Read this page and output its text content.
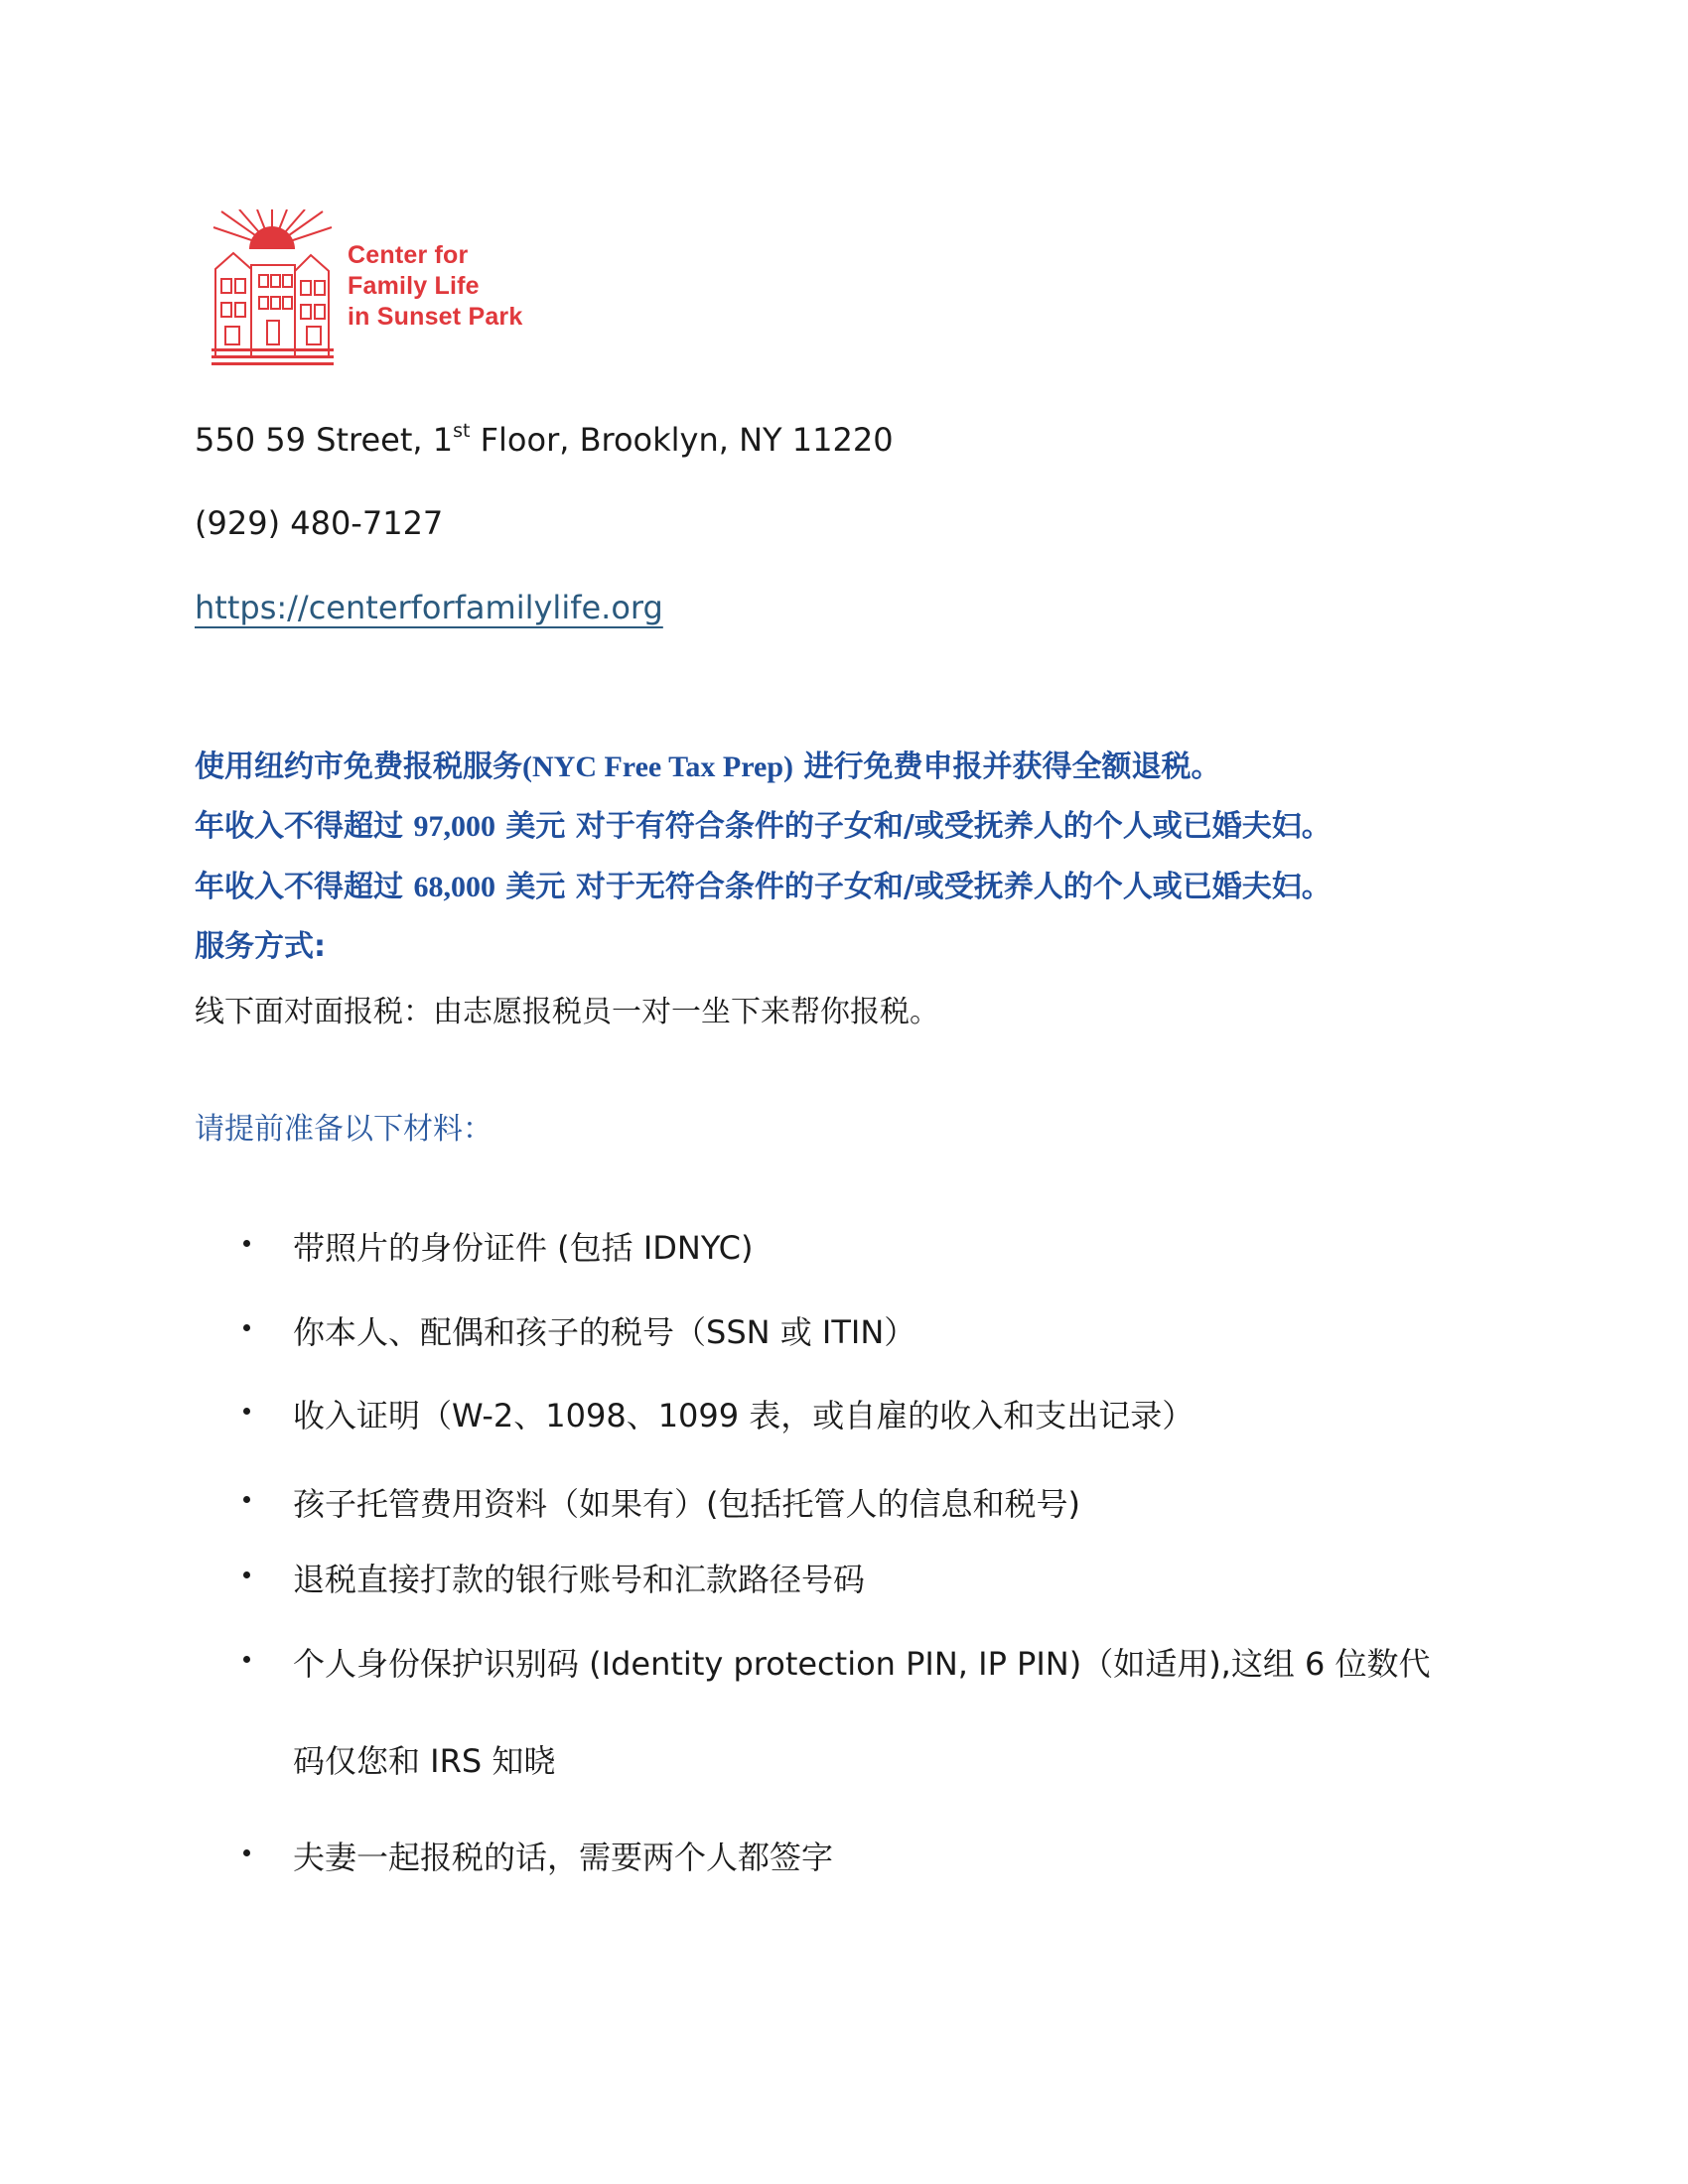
Center for
Family Life
in Sunset Park
550 59 Street, 1st Floor, Brooklyn, NY 11220
(929) 480-7127
https://centerforfamilylife.org
使用纽约市免费报税服务(NYC Free Tax Prep) 进行免费申报并获得全额退税。
年收入不得超过 97,000 美元 对于有符合条件的子女和/或受抚养人的个人或已婚夫妇。
年收入不得超过 68,000 美元 对于无符合条件的子女和/或受抚养人的个人或已婚夫妇。
服务方式:
线下面对面报税：由志愿报税员一对一坐下来帮你报税。
请提前准备以下材料：
带照片的身份证件 (包括 IDNYC)
你本人、配偶和孩子的税号（SSN 或 ITIN）
收入证明（W-2、1098、1099 表，或自雇的收入和支出记录）
孩子托管费用资料（如果有）(包括托管人的信息和税号)
退税直接打款的银行账号和汇款路径号码
个人身份保护识别码 (Identity protection PIN, IP PIN)（如适用),这组 6 位数代
码仅您和 IRS 知晓
夫妻一起报税的话，需要两个人都签字
